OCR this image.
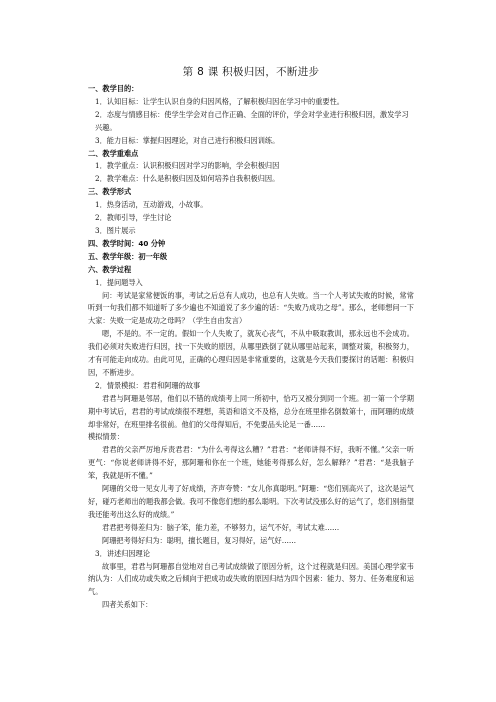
第 8 课 积极归因，不断进步

一、教学目的：

1．认知目标：让学生认识自身的归因风格，了解积极归因在学习中的重要性。

2．态度与情感目标：使学生学会对自己作正确、全面的评价，学会对学业进行积极归因，激发学习兴趣。

3．能力目标：掌握归因理论，对自己进行积极归因训练。

二、教学重难点

1．教学重点：认识积极归因对学习的影响，学会积极归因

2．教学难点：什么是积极归因及如何培养自我积极归因。

三、教学形式

1．热身活动，互动游戏，小故事。

2．教师引导，学生讨论

3．图片展示

四、教学时间：40 分钟

五、教学年级：初一年级

六、教学过程

1．提问题导入

问：考试是家常便饭的事，考试之后总有人成功，也总有人失败。当一个人考试失败的时候，常常听到一句我们都不知道听了多少遍也不知道说了多少遍的话：“失败乃成功之母”。那么，老师想问一下大家：失败一定是成功之母吗？（学生自由发言）

嗯，不是的。不一定的。假如一个人失败了，就灰心丧气，不从中吸取教训，那永远也不会成功。我们必须对失败进行归因，找一下失败的原因，从哪里跌倒了就从哪里站起来，调整对策，积极努力，才有可能走向成功。由此可见，正确的心理归因是非常重要的，这就是今天我们要探讨的话题：积极归因，不断进步。

2．情景模拟：君君和阿珊的故事

君君与阿珊是邻居，他们以不错的成绩考上同一所初中，恰巧又被分到同一个班。初一第一个学期期中考试后，君君的考试成绩很不理想，英语和语文不及格，总分在班里排名倒数第十，而阿珊的成绩却非常好，在班里排名很前。他们的父母得知后，不免要品头论足一番……

模拟情景：

君君的父亲严厉地斥责君君：“为什么考得这么糟？”君君：“老师讲得不好，我听不懂。”父亲一听更气：“你说老师讲得不好，那阿珊和你在一个班，她能考得那么好，怎么解释？”君君：“是我脑子笨，我就是听不懂。”

阿珊的父母一见女儿考了好成绩，齐声夸赞：“女儿你真聪明。”阿珊：“您们别高兴了，这次是运气好，碰巧老师出的题我都会做。我可不像您们想的那么聪明。下次考试没那么好的运气了，您们别指望我还能考出这么好的成绩。”

君君把考得差归为：脑子笨，能力差，不够努力，运气不好，考试太难……

阿珊把考得好归为：聪明，擅长题目，复习得好，运气好……

3．讲述归因理论

故事里，君君与阿珊都自觉地对自己考试成绩做了原因分析，这个过程就是归因。美国心理学家韦纳认为：人们成功或失败之后倾向于把成功或失败的原因归结为四个因素：能力、努力、任务难度和运气。

四者关系如下：
